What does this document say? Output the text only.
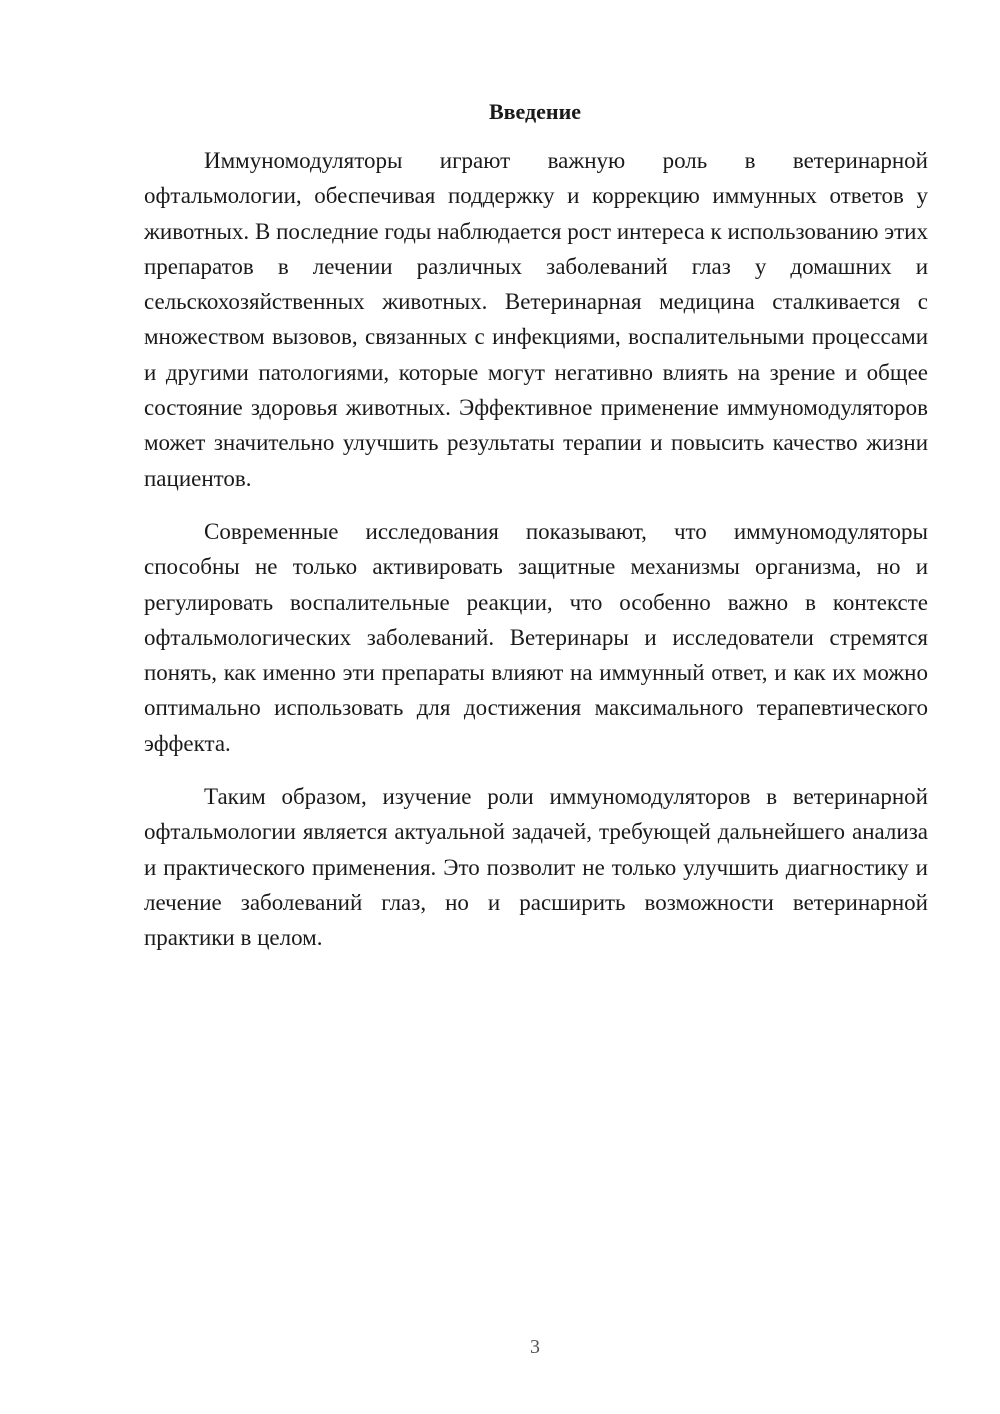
Введение

Иммуномодуляторы играют важную роль в ветеринарной офтальмологии, обеспечивая поддержку и коррекцию иммунных ответов у животных. В последние годы наблюдается рост интереса к использованию этих препаратов в лечении различных заболеваний глаз у домашних и сельскохозяйственных животных. Ветеринарная медицина сталкивается с множеством вызовов, связанных с инфекциями, воспалительными процессами и другими патологиями, которые могут негативно влиять на зрение и общее состояние здоровья животных. Эффективное применение иммуномодуляторов может значительно улучшить результаты терапии и повысить качество жизни пациентов.

Современные исследования показывают, что иммуномодуляторы способны не только активировать защитные механизмы организма, но и регулировать воспалительные реакции, что особенно важно в контексте офтальмологических заболеваний. Ветеринары и исследователи стремятся понять, как именно эти препараты влияют на иммунный ответ, и как их можно оптимально использовать для достижения максимального терапевтического эффекта.

Таким образом, изучение роли иммуномодуляторов в ветеринарной офтальмологии является актуальной задачей, требующей дальнейшего анализа и практического применения. Это позволит не только улучшить диагностику и лечение заболеваний глаз, но и расширить возможности ветеринарной практики в целом.

3
